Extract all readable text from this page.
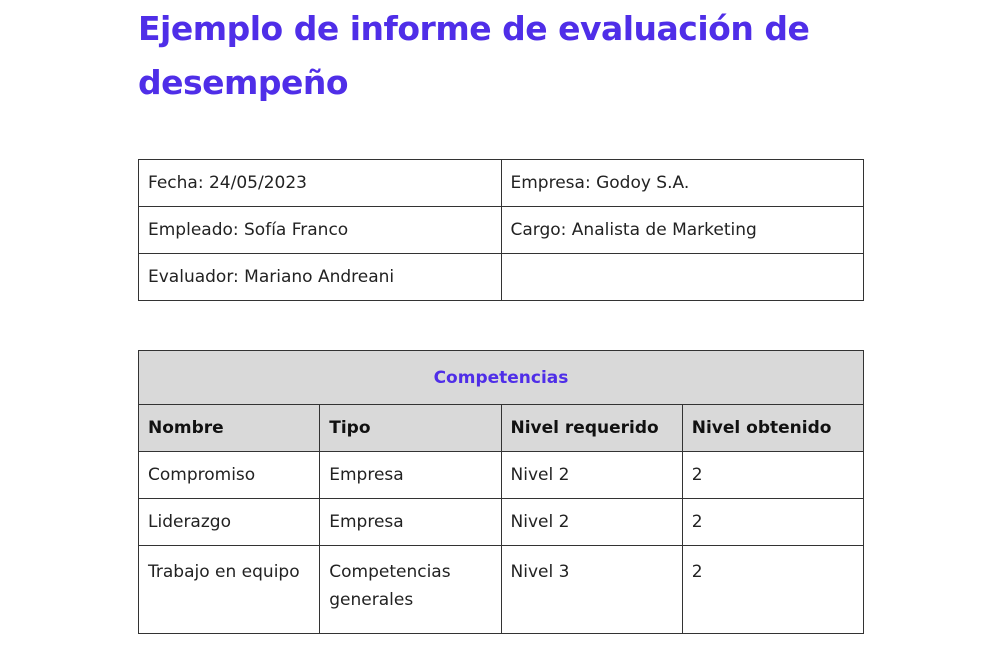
Ejemplo de informe de evaluación de desempeño
Fecha: 24/05/2023	Empresa: Godoy S.A.
Empleado: Sofía Franco	Cargo: Analista de Marketing
Evaluador: Mariano Andreani	
Competencias			
Nombre	Tipo	Nivel requerido	Nivel obtenido
Compromiso	Empresa	Nivel 2	2
Liderazgo	Empresa	Nivel 2	2
Trabajo en equipo	Competencias generales	Nivel 3	2
